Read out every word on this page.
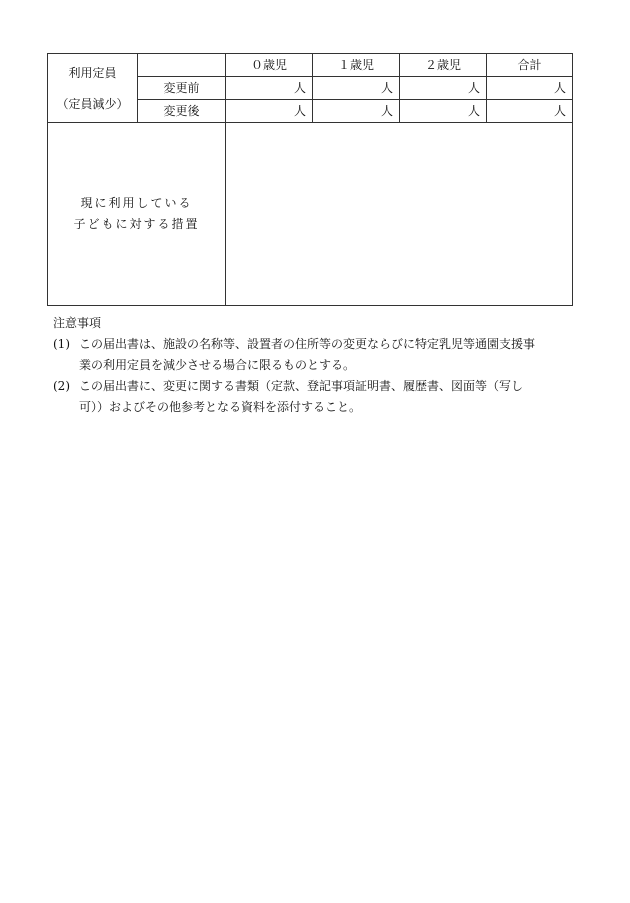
利用定員
（定員減少）		０歳児	１歳児	２歳児	合計
	変更前	人	人	人	人
	変更後	人	人	人	人
現に利用している
子どもに対する措置					
注意事項
(1) この届出書は、施設の名称等、設置者の住所等の変更ならびに特定乳児等通園支援事
業の利用定員を減少させる場合に限るものとする。
(2) この届出書に、変更に関する書類（定款、登記事項証明書、履歴書、図面等（写し
可））およびその他参考となる資料を添付すること。
